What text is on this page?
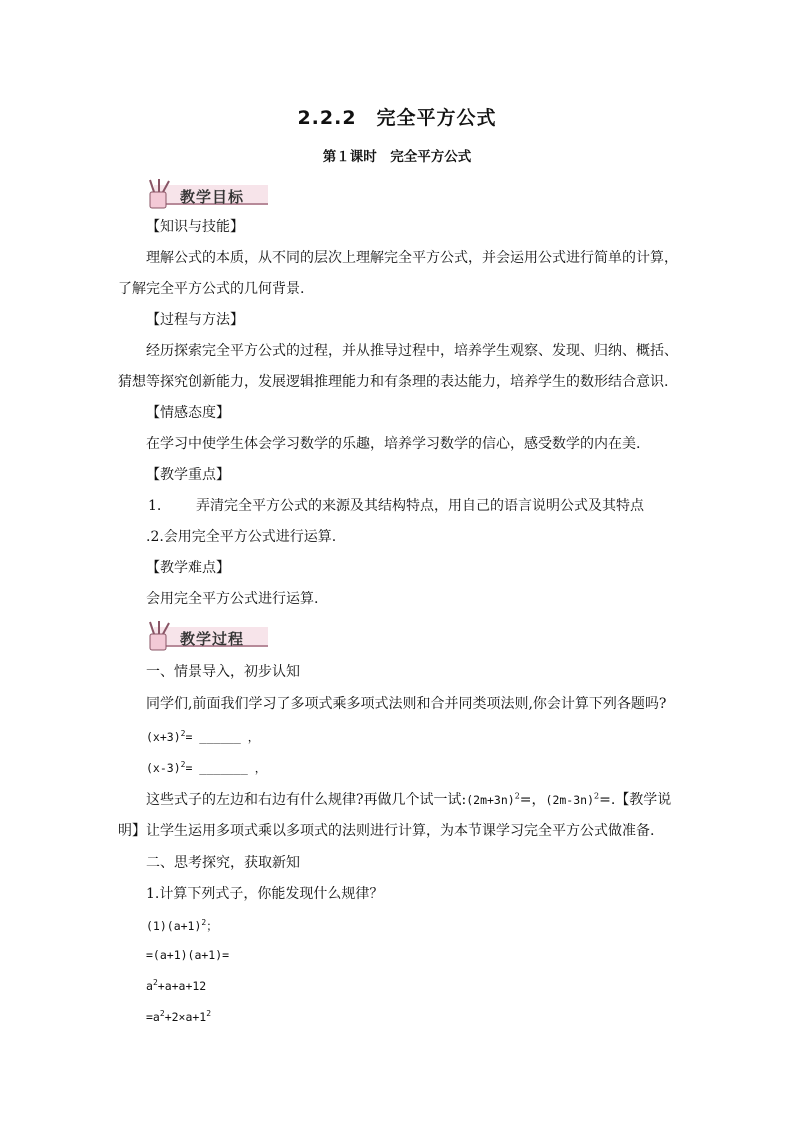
2.2.2　完全平方公式
第１课时　完全平方公式
教学目标
【知识与技能】
理解公式的本质，从不同的层次上理解完全平方公式，并会运用公式进行简单的计算，
了解完全平方公式的几何背景.
【过程与方法】
经历探索完全平方公式的过程，并从推导过程中，培养学生观察、发现、归纳、概括、
猜想等探究创新能力，发展逻辑推理能力和有条理的表达能力，培养学生的数形结合意识.
【情感态度】
在学习中使学生体会学习数学的乐趣，培养学习数学的信心，感受数学的内在美.
【教学重点】
1. 弄清完全平方公式的来源及其结构特点，用自己的语言说明公式及其特点
.2.会用完全平方公式进行运算.
【教学难点】
会用完全平方公式进行运算.
教学过程
一、情景导入，初步认知
同学们,前面我们学习了多项式乘多项式法则和合并同类项法则,你会计算下列各题吗?
$(x+3)^2=$ ______ ，
$(x-3)^2=$ _______ ，
这些式子的左边和右边有什么规律?再做几个试一试$:(2m+3n)^2=$，$(2m-3n)^2=$.【教学说
明】让学生运用多项式乘以多项式的法则进行计算，为本节课学习完全平方公式做准备.
二、思考探究，获取新知
1.计算下列式子，你能发现什么规律？
$(1)(a+1)^2$；
=(a+1)(a+1)=
$a^2+a+a+12$
$=a^2+2\times a+1^2$
